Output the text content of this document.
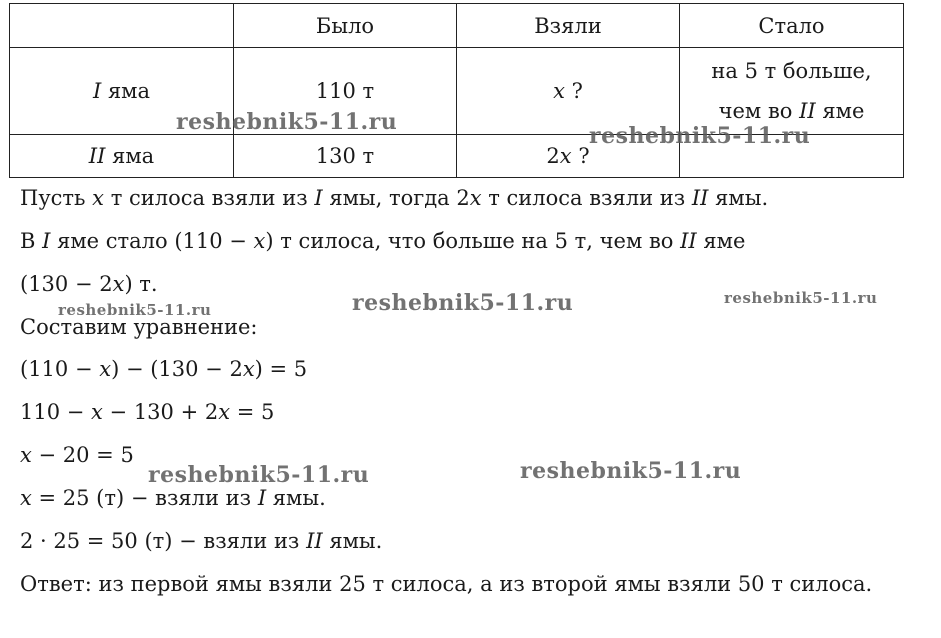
	Было	Взяли	Стало
I яма	110 т	x ?	на 5 т больше,
чем во II яме

II яма	130 т	2x ?	
Пусть x т силоса взяли из I ямы, тогда 2x т силоса взяли из II ямы.
В I яме стало (110 − x) т силоса, что больше на 5 т, чем во II яме
(130 − 2x) т.
Составим уравнение:
(110 − x) − (130 − 2x) = 5
110 − x − 130 + 2x = 5
x − 20 = 5
x = 25 (т) − взяли из I ямы.
2 · 25 = 50 (т) − взяли из II ямы.
Ответ: из первой ямы взяли 25 т силоса, а из второй ямы взяли 50 т силоса.
reshebnik5-11.ru
reshebnik5-11.ru
reshebnik5-11.ru	reshebnik5-11.ru	reshebnik5-11.ru
reshebnik5-11.ru	reshebnik5-11.ru
